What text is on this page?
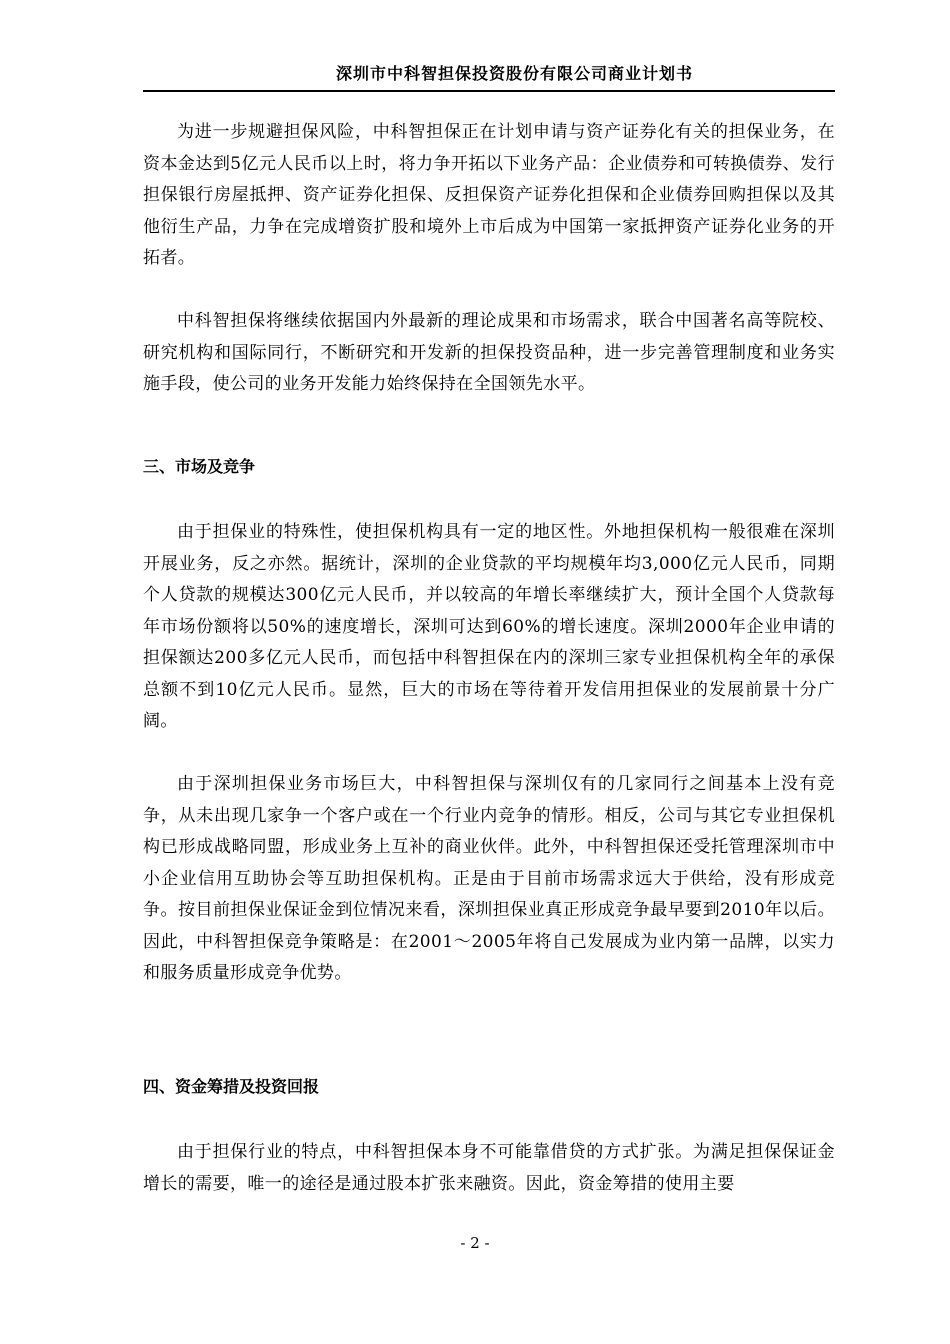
深圳市中科智担保投资股份有限公司商业计划书

为进一步规避担保风险，中科智担保正在计划申请与资产证券化有关的担保业务，在资本金达到5亿元人民币以上时，将力争开拓以下业务产品：企业债券和可转换债券、发行担保银行房屋抵押、资产证券化担保、反担保资产证券化担保和企业债券回购担保以及其他衍生产品，力争在完成增资扩股和境外上市后成为中国第一家抵押资产证券化业务的开拓者。

中科智担保将继续依据国内外最新的理论成果和市场需求，联合中国著名高等院校、研究机构和国际同行，不断研究和开发新的担保投资品种，进一步完善管理制度和业务实施手段，使公司的业务开发能力始终保持在全国领先水平。

三、市场及竞争

由于担保业的特殊性，使担保机构具有一定的地区性。外地担保机构一般很难在深圳开展业务，反之亦然。据统计，深圳的企业贷款的平均规模年均3,000亿元人民币，同期个人贷款的规模达300亿元人民币，并以较高的年增长率继续扩大，预计全国个人贷款每年市场份额将以50%的速度增长，深圳可达到60%的增长速度。深圳2000年企业申请的担保额达200多亿元人民币，而包括中科智担保在内的深圳三家专业担保机构全年的承保总额不到10亿元人民币。显然，巨大的市场在等待着开发信用担保业的发展前景十分广阔。

由于深圳担保业务市场巨大，中科智担保与深圳仅有的几家同行之间基本上没有竞争，从未出现几家争一个客户或在一个行业内竞争的情形。相反，公司与其它专业担保机构已形成战略同盟，形成业务上互补的商业伙伴。此外，中科智担保还受托管理深圳市中小企业信用互助协会等互助担保机构。正是由于目前市场需求远大于供给，没有形成竞争。按目前担保业保证金到位情况来看，深圳担保业真正形成竞争最早要到2010年以后。因此，中科智担保竞争策略是：在2001～2005年将自己发展成为业内第一品牌，以实力和服务质量形成竞争优势。

四、资金筹措及投资回报

由于担保行业的特点，中科智担保本身不可能靠借贷的方式扩张。为满足担保保证金增长的需要，唯一的途径是通过股本扩张来融资。因此，资金筹措的使用主要

- 2 -
